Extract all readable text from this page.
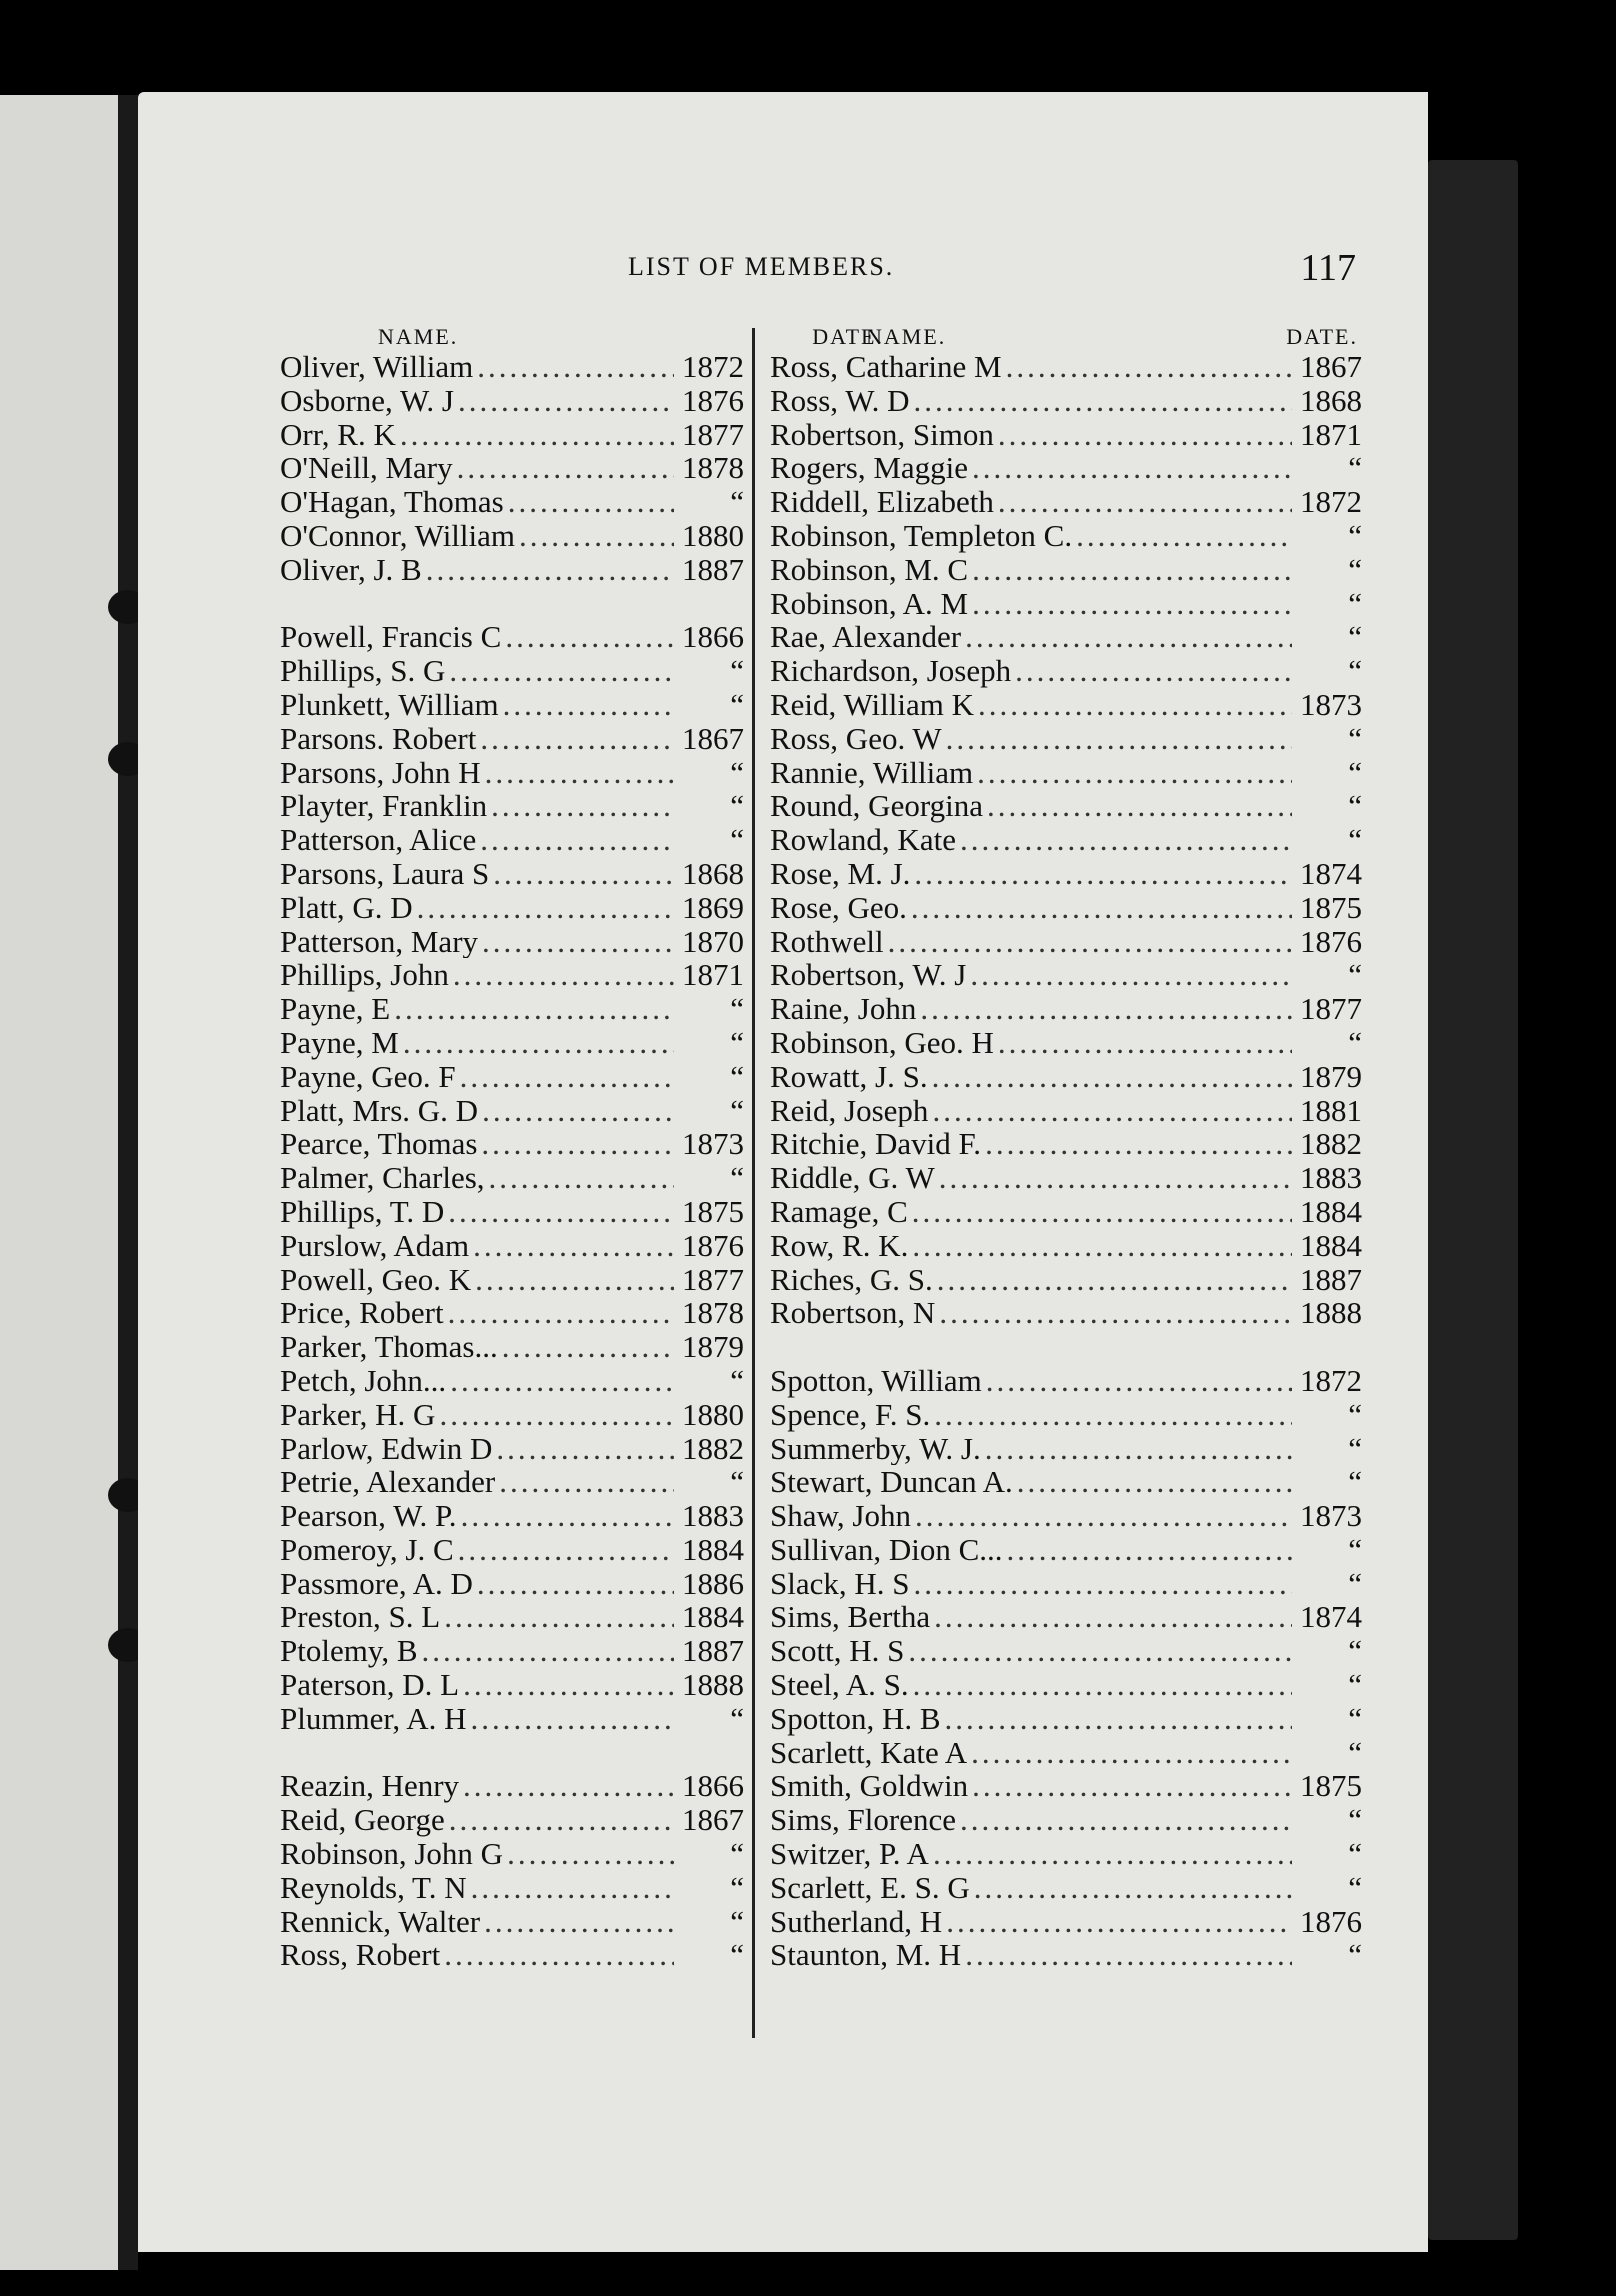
LIST OF MEMBERS.	117
NAME.	DATE.
NAME.	DATE.
Oliver, William .....	1872
Osborne, W. J .....	1876
Orr, R. K .....	1877
O'Neill, Mary .....	1878
O'Hagan, Thomas .....	“
O'Connor, William .....	1880
Oliver, J. B .....	1887
Powell, Francis C .....	1866
Phillips, S. G .....	“
Plunkett, William .....	“
Parsons. Robert .....	1867
Parsons, John H .....	“
Playter, Franklin .....	“
Patterson, Alice .....	“
Parsons, Laura S .....	1868
Platt, G. D .....	1869
Patterson, Mary .....	1870
Phillips, John .....	1871
Payne, E .....	“
Payne, M .....	“
Payne, Geo. F .....	“
Platt, Mrs. G. D .....	“
Pearce, Thomas .....	1873
Palmer, Charles, .....	“
Phillips, T. D .....	1875
Purslow, Adam .....	1876
Powell, Geo. K .....	1877
Price, Robert .....	1878
Parker, Thomas... .....	1879
Petch, John... .....	“
Parker, H. G .....	1880
Parlow, Edwin D .....	1882
Petrie, Alexander .....	“
Pearson, W. P. .....	1883
Pomeroy, J. C .....	1884
Passmore, A. D .....	1886
Preston, S. L .....	1884
Ptolemy, B .....	1887
Paterson, D. L .....	1888
Plummer, A. H .....	“
Reazin, Henry .....	1866
Reid, George .....	1867
Robinson, John G .....	“
Reynolds, T. N .....	“
Rennick, Walter .....	“
Ross, Robert .....	“
Ross, Catharine M .....	1867
Ross, W. D .....	1868
Robertson, Simon .....	1871
Rogers, Maggie .....	“
Riddell, Elizabeth .....	1872
Robinson, Templeton C. .....	“
Robinson, M. C .....	“
Robinson, A. M .....	“
Rae, Alexander .....	“
Richardson, Joseph .....	“
Reid, William K .....	1873
Ross, Geo. W .....	“
Rannie, William .....	“
Round, Georgina .....	“
Rowland, Kate .....	“
Rose, M. J. .....	1874
Rose, Geo. .....	1875
Rothwell .....	1876
Robertson, W. J .....	“
Raine, John .....	1877
Robinson, Geo. H .....	“
Rowatt, J. S. .....	1879
Reid, Joseph .....	1881
Ritchie, David F. .....	1882
Riddle, G. W .....	1883
Ramage, C .....	1884
Row, R. K. .....	1884
Riches, G. S. .....	1887
Robertson, N .....	1888
Spotton, William .....	1872
Spence, F. S. .....	“
Summerby, W. J. .....	“
Stewart, Duncan A. .....	“
Shaw, John .....	1873
Sullivan, Dion C... .....	“
Slack, H. S .....	“
Sims, Bertha .....	1874
Scott, H. S .....	“
Steel, A. S. .....	“
Spotton, H. B .....	“
Scarlett, Kate A .....	“
Smith, Goldwin .....	1875
Sims, Florence .....	“
Switzer, P. A .....	“
Scarlett, E. S. G .....	“
Sutherland, H .....	1876
Staunton, M. H .....	“
